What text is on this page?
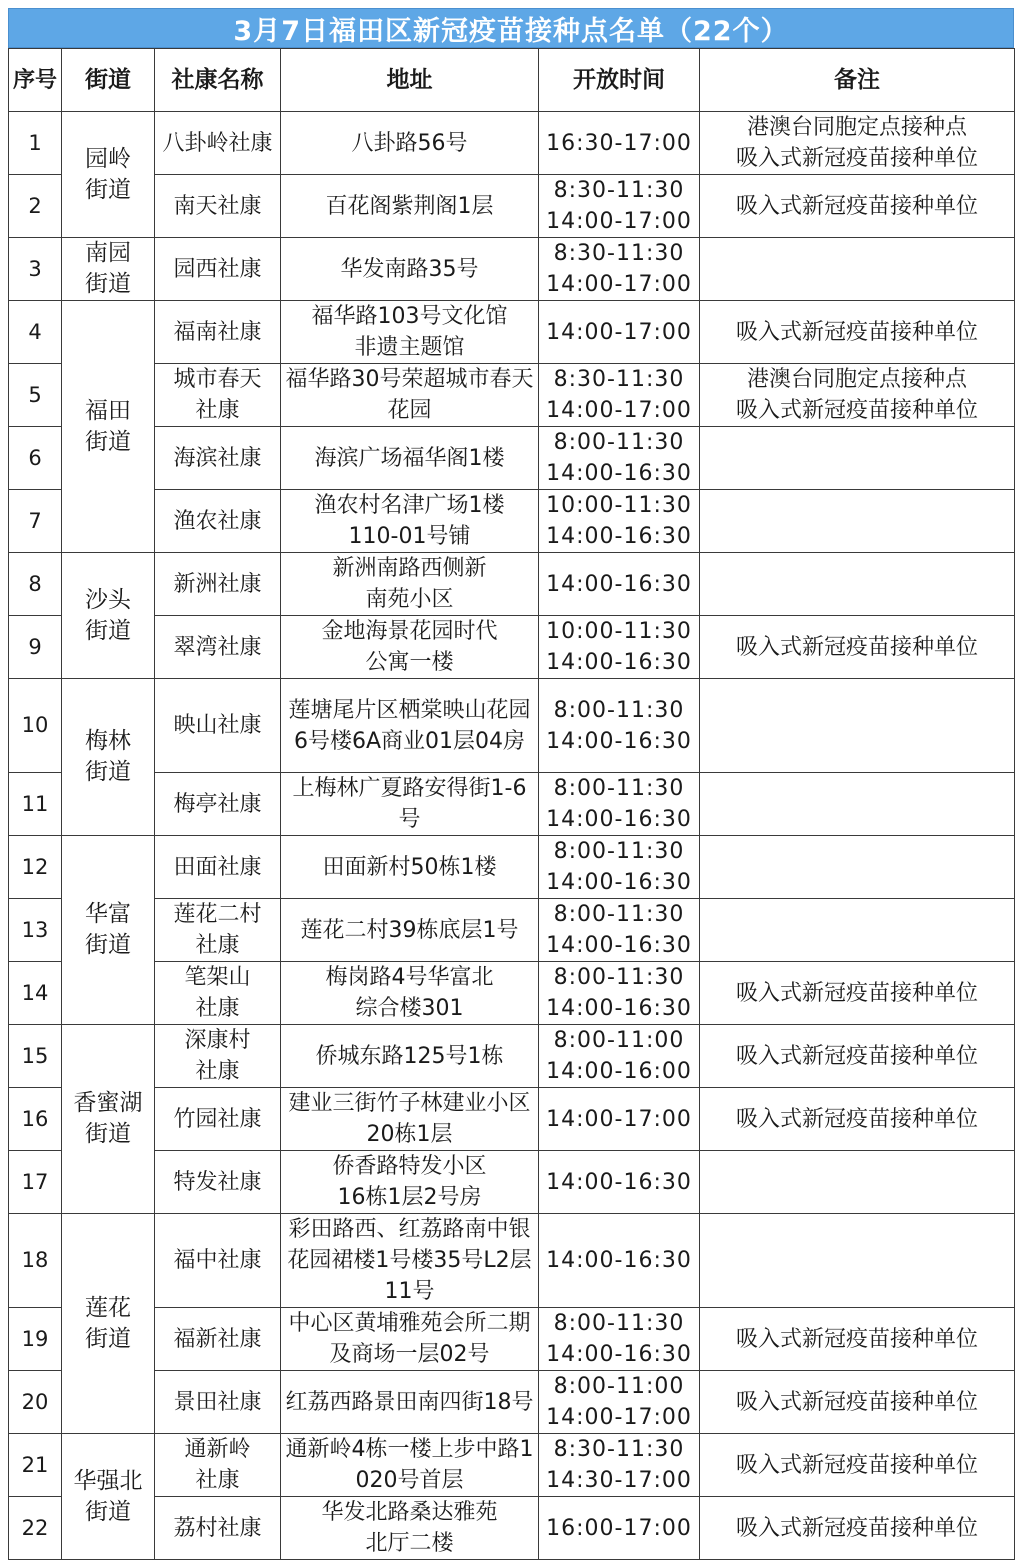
3月7日福田区新冠疫苗接种点名单（22个）
序号	街道	社康名称	地址	开放时间	备注
1	园岭街道	八卦岭社康	八卦路56号	16:30-17:00	港澳台同胞定点接种点
吸入式新冠疫苗接种单位
2		南天社康	百花阁紫荆阁1层	8:30-11:30
14:00-17:00	吸入式新冠疫苗接种单位
3	南园街道	园西社康	华发南路35号	8:30-11:30
14:00-17:00	
4	福田街道	福南社康	福华路103号文化馆
非遗主题馆	14:00-17:00	吸入式新冠疫苗接种单位
5		城市春天
社康	福华路30号荣超城市春天花园	8:30-11:30
14:00-17:00	港澳台同胞定点接种点
吸入式新冠疫苗接种单位
6		海滨社康	海滨广场福华阁1楼	8:00-11:30
14:00-16:30	
7		渔农社康	渔农村名津广场1楼
110-01号铺	10:00-11:30
14:00-16:30	
8	沙头街道	新洲社康	新洲南路西侧新
南苑小区	14:00-16:30	
9		翠湾社康	金地海景花园时代
公寓一楼	10:00-11:30
14:00-16:30	吸入式新冠疫苗接种单位
10	梅林街道	映山社康	莲塘尾片区栖棠映山花园6号楼6A商业01层04房	8:00-11:30
14:00-16:30	
11		梅亭社康	上梅林广夏路安得街1-6号	8:00-11:30
14:00-16:30	
12	华富街道	田面社康	田面新村50栋1楼	8:00-11:30
14:00-16:30	
13		莲花二村
社康	莲花二村39栋底层1号	8:00-11:30
14:00-16:30	
14		笔架山
社康	梅岗路4号华富北
综合楼301	8:00-11:30
14:00-16:30	吸入式新冠疫苗接种单位
15	香蜜湖街道	深康村
社康	侨城东路125号1栋	8:00-11:00
14:00-16:00	吸入式新冠疫苗接种单位
16		竹园社康	建业三街竹子林建业小区20栋1层	14:00-17:00	吸入式新冠疫苗接种单位
17		特发社康	侨香路特发小区
16栋1层2号房	14:00-16:30	
18	莲花街道	福中社康	彩田路西、红荔路南中银花园裙楼1号楼35号L2层11号	14:00-16:30	
19		福新社康	中心区黄埔雅苑会所二期及商场一层02号	8:00-11:30
14:00-16:30	吸入式新冠疫苗接种单位
20		景田社康	红荔西路景田南四街18号	8:00-11:00
14:00-17:00	吸入式新冠疫苗接种单位
21	华强北街道	通新岭
社康	通新岭4栋一楼上步中路1020号首层	8:30-11:30
14:30-17:00	吸入式新冠疫苗接种单位
22		荔村社康	华发北路桑达雅苑
北厅二楼	16:00-17:00	吸入式新冠疫苗接种单位
